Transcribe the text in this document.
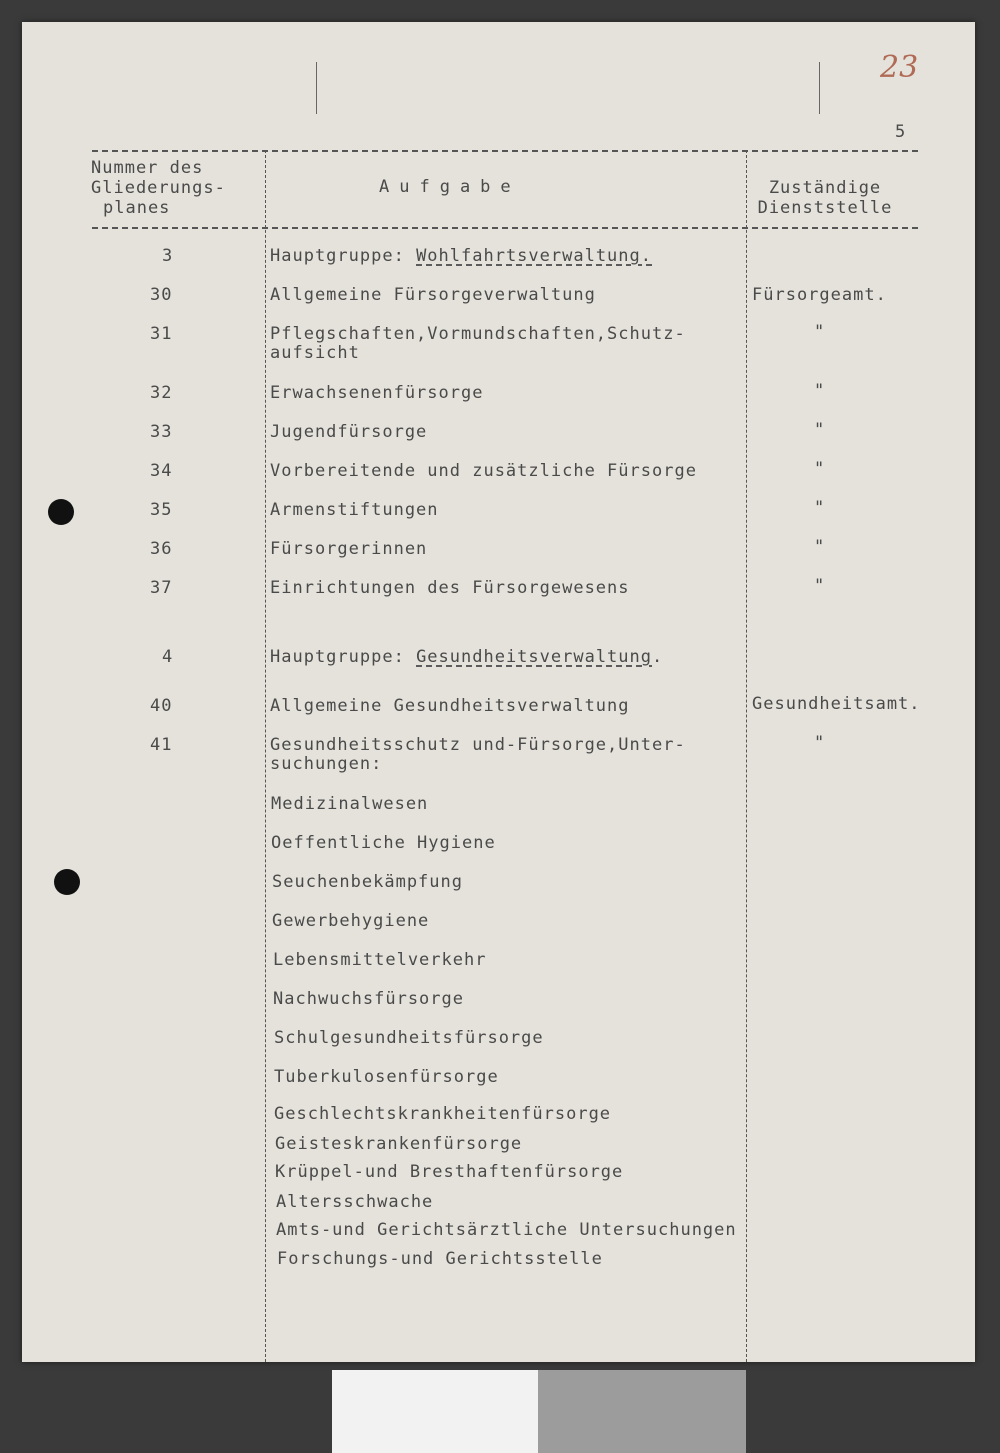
23
5
Nummer des
Gliederungs-
planes
Aufgabe	Zuständige
Dienststelle
3
30
31
32
33
34
35
36
37
4
40
41
Hauptgruppe: Wohlfahrtsverwaltung.
Allgemeine Fürsorgeverwaltung
Pflegschaften,Vormundschaften,Schutz-
aufsicht
Erwachsenenfürsorge
Jugendfürsorge
Vorbereitende und zusätzliche Fürsorge
Armenstiftungen
Fürsorgerinnen
Einrichtungen des Fürsorgewesens
Hauptgruppe: Gesundheitsverwaltung.
Allgemeine Gesundheitsverwaltung
Gesundheitsschutz und-Fürsorge,Unter-
suchungen:
Fürsorgeamt.
"
"
"
"
"
"
"
Gesundheitsamt.
"
Medizinalwesen
Oeffentliche Hygiene
Seuchenbekämpfung
Gewerbehygiene
Lebensmittelverkehr
Nachwuchsfürsorge
Schulgesundheitsfürsorge
Tuberkulosenfürsorge
Geschlechtskrankheitenfürsorge
Geisteskrankenfürsorge
Krüppel-und Bresthaftenfürsorge
Altersschwache
Amts-und Gerichtsärztliche Untersuchungen
Forschungs-und Gerichtsstelle
